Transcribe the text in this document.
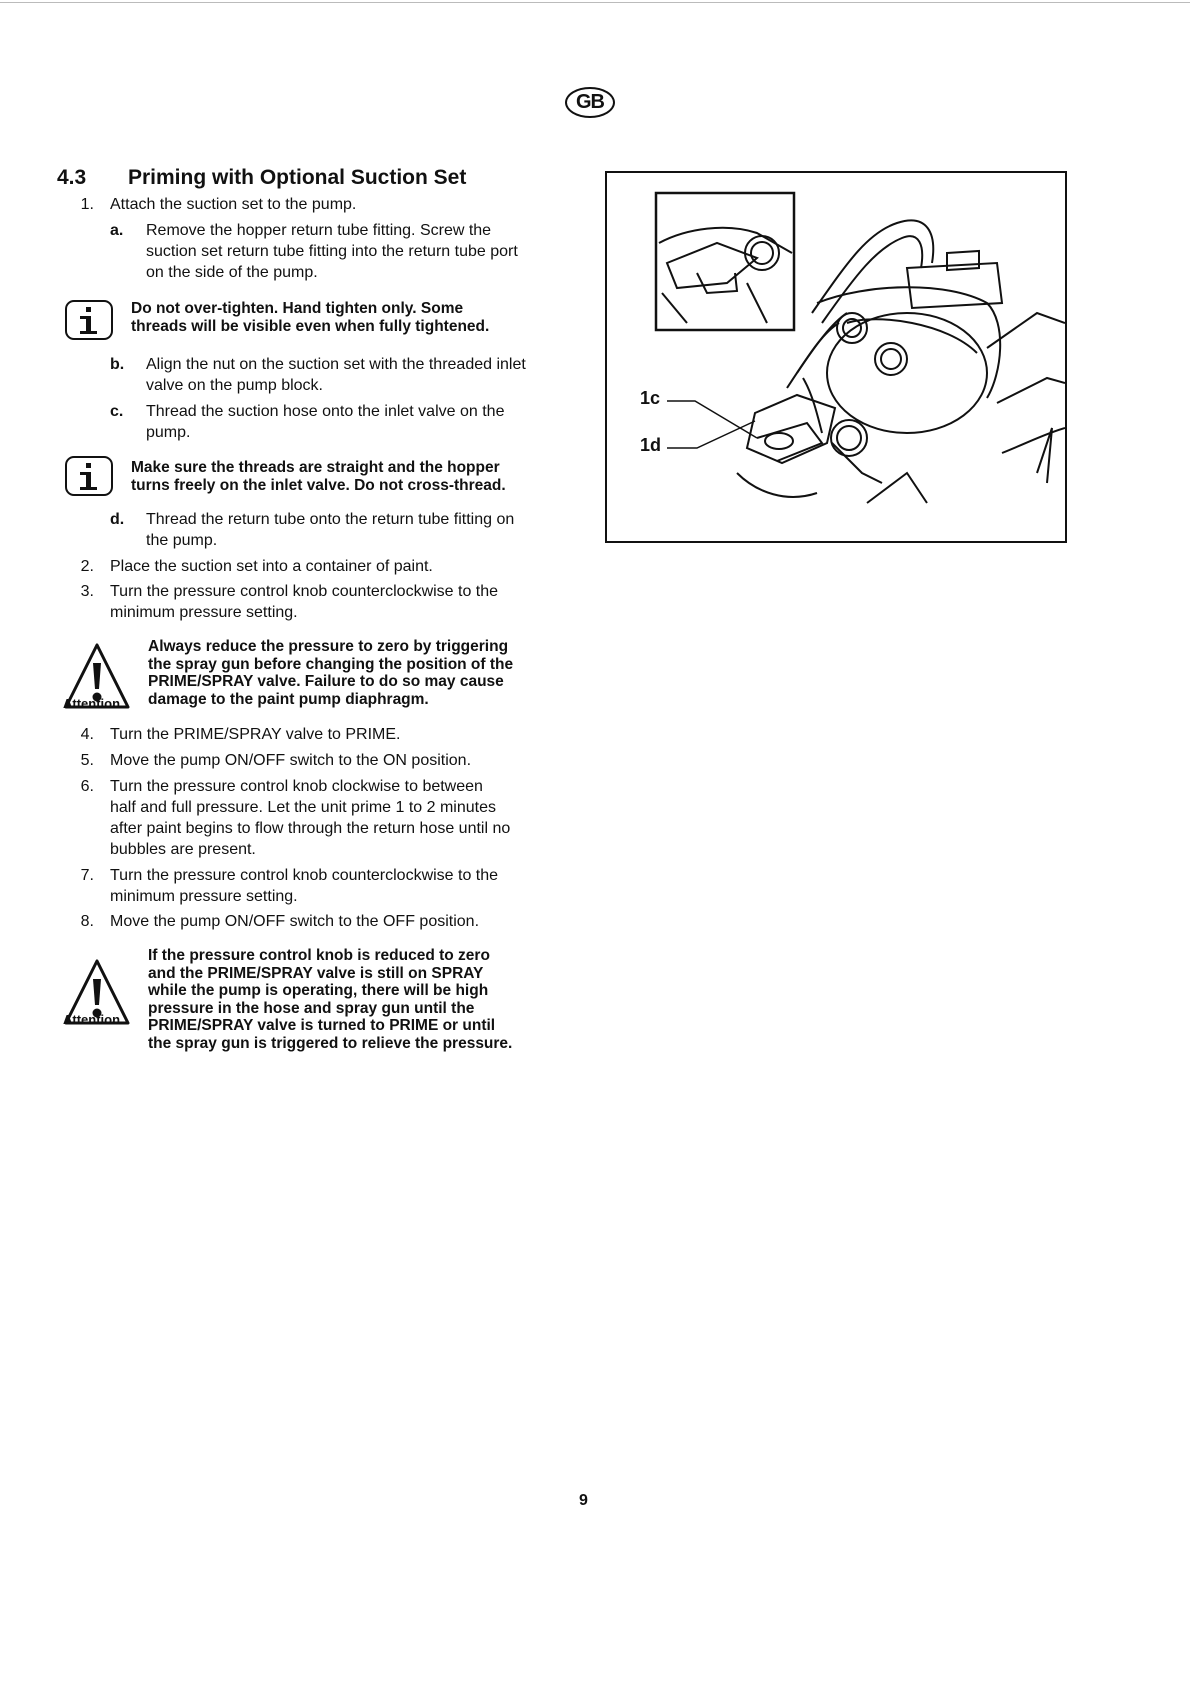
GB
4.3 Priming with Optional Suction Set
1. Attach the suction set to the pump.
a. Remove the hopper return tube fitting. Screw the
suction set return tube fitting into the return tube port
on the side of the pump.
Do not over-tighten. Hand tighten only. Some
threads will be visible even when fully tightened.
b. Align the nut on the suction set with the threaded inlet
valve on the pump block.
c. Thread the suction hose onto the inlet valve on the
pump.
Make sure the threads are straight and the hopper
turns freely on the inlet valve. Do not cross-thread.
d. Thread the return tube onto the return tube fitting on
the pump.
2. Place the suction set into a container of paint.
3. Turn the pressure control knob counterclockwise to the
minimum pressure setting.
Attention
Always reduce the pressure to zero by triggering
the spray gun before changing the position of the
PRIME/SPRAY valve. Failure to do so may cause
damage to the paint pump diaphragm.
4. Turn the PRIME/SPRAY valve to PRIME.
5. Move the pump ON/OFF switch to the ON position.
6. Turn the pressure control knob clockwise to between
half and full pressure. Let the unit prime 1 to 2 minutes
after paint begins to flow through the return hose until no
bubbles are present.
7. Turn the pressure control knob counterclockwise to the
minimum pressure setting.
8. Move the pump ON/OFF switch to the OFF position.
Attention
If the pressure control knob is reduced to zero
and the PRIME/SPRAY valve is still on SPRAY
while the pump is operating, there will be high
pressure in the hose and spray gun until the
PRIME/SPRAY valve is turned to PRIME or until
the spray gun is triggered to relieve the pressure.
1c
1d
9
